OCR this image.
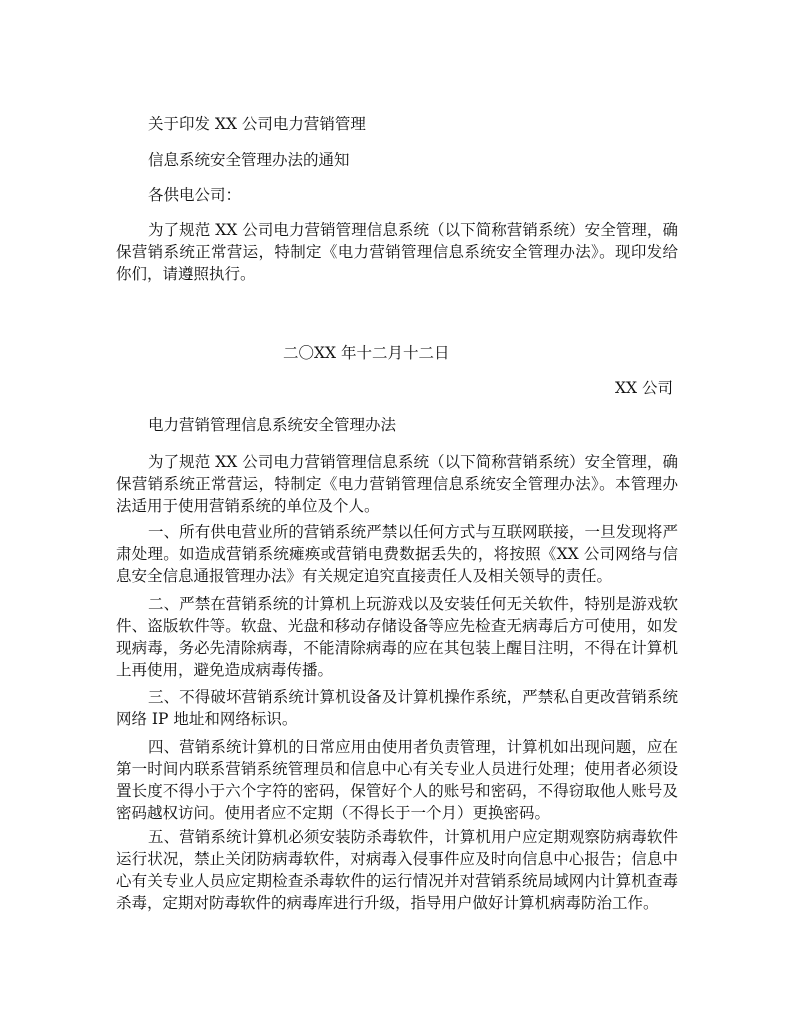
关于印发 XX 公司电力营销管理
信息系统安全管理办法的通知
各供电公司：
为了规范 XX 公司电力营销管理信息系统（以下简称营销系统）安全管理，确保营销系统正常营运，特制定《电力营销管理信息系统安全管理办法》。现印发给你们，请遵照执行。
二〇XX 年十二月十二日
XX 公司
电力营销管理信息系统安全管理办法
为了规范 XX 公司电力营销管理信息系统（以下简称营销系统）安全管理，确保营销系统正常营运，特制定《电力营销管理信息系统安全管理办法》。本管理办法适用于使用营销系统的单位及个人。
一、所有供电营业所的营销系统严禁以任何方式与互联网联接，一旦发现将严肃处理。如造成营销系统瘫痪或营销电费数据丢失的，将按照《XX 公司网络与信息安全信息通报管理办法》有关规定追究直接责任人及相关领导的责任。
二、严禁在营销系统的计算机上玩游戏以及安装任何无关软件，特别是游戏软件、盗版软件等。软盘、光盘和移动存储设备等应先检查无病毒后方可使用，如发现病毒，务必先清除病毒，不能清除病毒的应在其包装上醒目注明，不得在计算机上再使用，避免造成病毒传播。
三、不得破坏营销系统计算机设备及计算机操作系统，严禁私自更改营销系统网络 IP 地址和网络标识。
四、营销系统计算机的日常应用由使用者负责管理，计算机如出现问题，应在第一时间内联系营销系统管理员和信息中心有关专业人员进行处理；使用者必须设置长度不得小于六个字符的密码，保管好个人的账号和密码，不得窃取他人账号及密码越权访问。使用者应不定期（不得长于一个月）更换密码。
五、营销系统计算机必须安装防杀毒软件，计算机用户应定期观察防病毒软件运行状况，禁止关闭防病毒软件，对病毒入侵事件应及时向信息中心报告；信息中心有关专业人员应定期检查杀毒软件的运行情况并对营销系统局域网内计算机查毒杀毒，定期对防毒软件的病毒库进行升级，指导用户做好计算机病毒防治工作。
